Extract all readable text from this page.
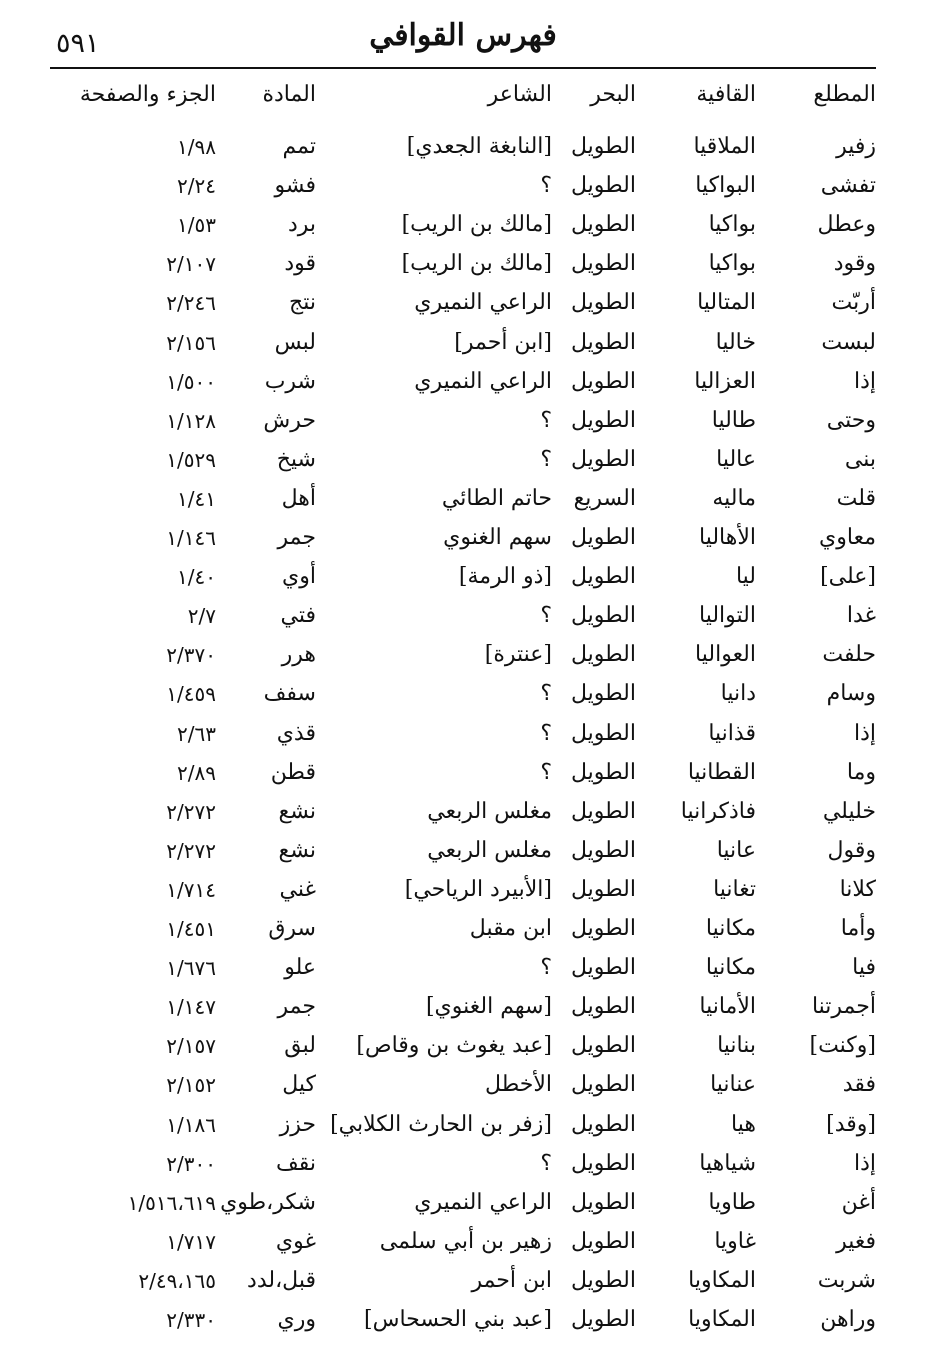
فهرس القوافي
٥٩١
المطلع
القافية
البحر
الشاعر
المادة
الجزء والصفحة
زفير
الملاقيا
الطويل
[النابغة الجعدي]
تمم
١/٩٨
تفشى
البواكيا
الطويل
؟
فشو
٢/٢٤
وعطل
بواكيا
الطويل
[مالك بن الريب]
برد
١/٥٣
وقود
بواكيا
الطويل
[مالك بن الريب]
قود
٢/١٠٧
أربّت
المتاليا
الطويل
الراعي النميري
نتج
٢/٢٤٦
لبست
خاليا
الطويل
[ابن أحمر]
لبس
٢/١٥٦
إذا
العزاليا
الطويل
الراعي النميري
شرب
١/٥٠٠
وحتى
طاليا
الطويل
؟
حرش
١/١٢٨
بنى
عاليا
الطويل
؟
شيخ
١/٥٢٩
قلت
ماليه
السريع
حاتم الطائي
أهل
١/٤١
معاوي
الأهاليا
الطويل
سهم الغنوي
جمر
١/١٤٦
[على]
ليا
الطويل
[ذو الرمة]
أوي
١/٤٠
غدا
التواليا
الطويل
؟
فتي
٢/٧
حلفت
العواليا
الطويل
[عنترة]
هرر
٢/٣٧٠
وسام
دانيا
الطويل
؟
سفف
١/٤٥٩
إذا
قذانيا
الطويل
؟
قذي
٢/٦٣
وما
القطانيا
الطويل
؟
قطن
٢/٨٩
خليلي
فاذكرانيا
الطويل
مغلس الربعي
نشع
٢/٢٧٢
وقول
عانيا
الطويل
مغلس الربعي
نشع
٢/٢٧٢
كلانا
تغانيا
الطويل
[الأبيرد الرياحي]
غني
١/٧١٤
وأما
مكانيا
الطويل
ابن مقبل
سرق
١/٤٥١
فيا
مكانيا
الطويل
؟
علو
١/٦٧٦
أجمرتنا
الأمانيا
الطويل
[سهم الغنوي]
جمر
١/١٤٧
[وكنت]
بنانيا
الطويل
[عبد يغوث بن وقاص]
لبق
٢/١٥٧
فقد
عنانيا
الطويل
الأخطل
كيل
٢/١٥٢
[وقد]
هيا
الطويل
[زفر بن الحارث الكلابي]
حزز
١/١٨٦
إذا
شياهيا
الطويل
؟
نقف
٢/٣٠٠
أغن
طاويا
الطويل
الراعي النميري
شكر،طوي
١/٥١٦،٦١٩
فغير
غاويا
الطويل
زهير بن أبي سلمى
غوي
١/٧١٧
شربت
المكاويا
الطويل
ابن أحمر
قبل،لدد
٢/٤٩،١٦٥
وراهن
المكاويا
الطويل
[عبد بني الحسحاس]
وري
٢/٣٣٠
